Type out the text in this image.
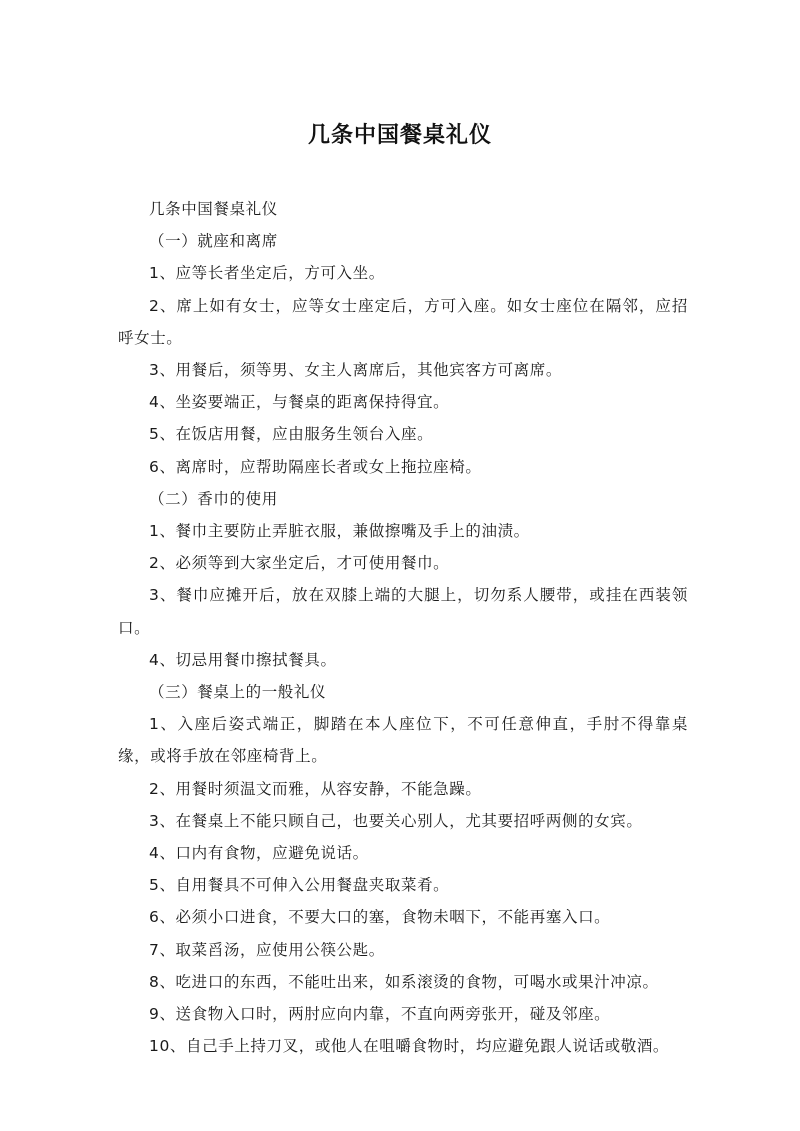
几条中国餐桌礼仪

几条中国餐桌礼仪

（一）就座和离席

1、应等长者坐定后，方可入坐。

2、席上如有女士，应等女士座定后，方可入座。如女士座位在隔邻，应招呼女士。

3、用餐后，须等男、女主人离席后，其他宾客方可离席。

4、坐姿要端正，与餐桌的距离保持得宜。

5、在饭店用餐，应由服务生领台入座。

6、离席时，应帮助隔座长者或女上拖拉座椅。

（二）香巾的使用

1、餐巾主要防止弄脏衣服，兼做擦嘴及手上的油渍。

2、必须等到大家坐定后，才可使用餐巾。

3、餐巾应摊开后，放在双膝上端的大腿上，切勿系人腰带，或挂在西装领口。

4、切忌用餐巾擦拭餐具。

（三）餐桌上的一般礼仪

1、入座后姿式端正，脚踏在本人座位下，不可任意伸直，手肘不得靠桌缘，或将手放在邻座椅背上。

2、用餐时须温文而雅，从容安静，不能急躁。

3、在餐桌上不能只顾自己，也要关心别人，尤其要招呼两侧的女宾。

4、口内有食物，应避免说话。

5、自用餐具不可伸入公用餐盘夹取菜肴。

6、必须小口进食，不要大口的塞，食物未咽下，不能再塞入口。

7、取菜舀汤，应使用公筷公匙。

8、吃进口的东西，不能吐出来，如系滚烫的食物，可喝水或果汁冲凉。

9、送食物入口时，两肘应向内靠，不直向两旁张开，碰及邻座。

10、自己手上持刀叉，或他人在咀嚼食物时，均应避免跟人说话或敬酒。
